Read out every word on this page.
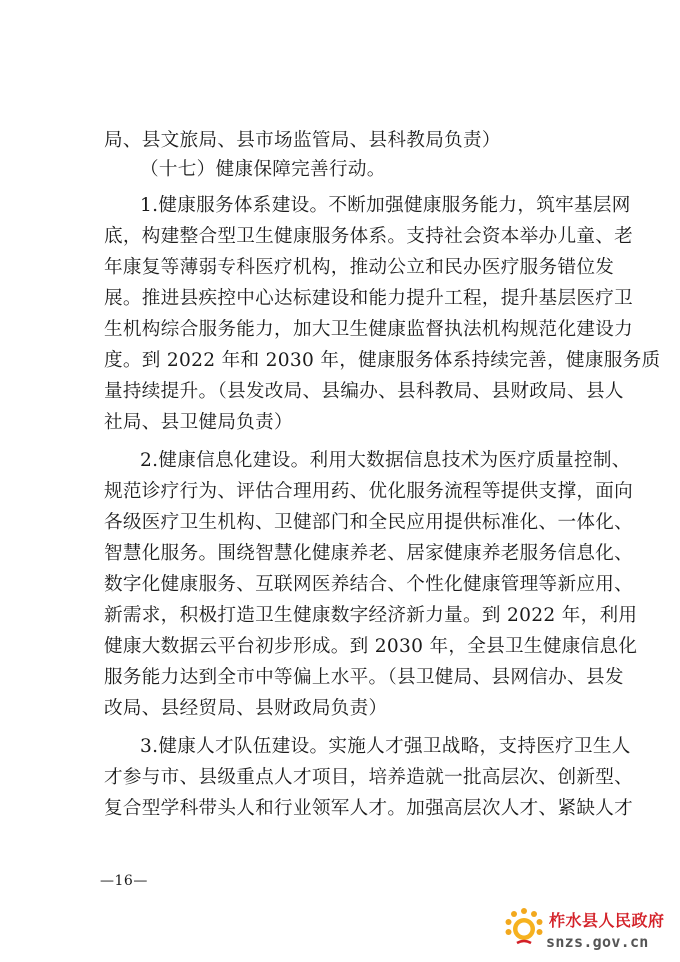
局、县文旅局、县市场监管局、县科教局负责）
（十七）健康保障完善行动。
1.健康服务体系建设。不断加强健康服务能力，筑牢基层网
底，构建整合型卫生健康服务体系。支持社会资本举办儿童、老
年康复等薄弱专科医疗机构，推动公立和民办医疗服务错位发
展。推进县疾控中心达标建设和能力提升工程，提升基层医疗卫
生机构综合服务能力，加大卫生健康监督执法机构规范化建设力
度。到 2022 年和 2030 年，健康服务体系持续完善，健康服务质
量持续提升。（县发改局、县编办、县科教局、县财政局、县人
社局、县卫健局负责）
2.健康信息化建设。利用大数据信息技术为医疗质量控制、
规范诊疗行为、评估合理用药、优化服务流程等提供支撑，面向
各级医疗卫生机构、卫健部门和全民应用提供标准化、一体化、
智慧化服务。围绕智慧化健康养老、居家健康养老服务信息化、
数字化健康服务、互联网医养结合、个性化健康管理等新应用、
新需求，积极打造卫生健康数字经济新力量。到 2022 年，利用
健康大数据云平台初步形成。到 2030 年，全县卫生健康信息化
服务能力达到全市中等偏上水平。（县卫健局、县网信办、县发
改局、县经贸局、县财政局负责）
3.健康人才队伍建设。实施人才强卫战略，支持医疗卫生人
才参与市、县级重点人才项目，培养造就一批高层次、创新型、
复合型学科带头人和行业领军人才。加强高层次人才、紧缺人才
—16—
柞水县人民政府
snzs.gov.cn
